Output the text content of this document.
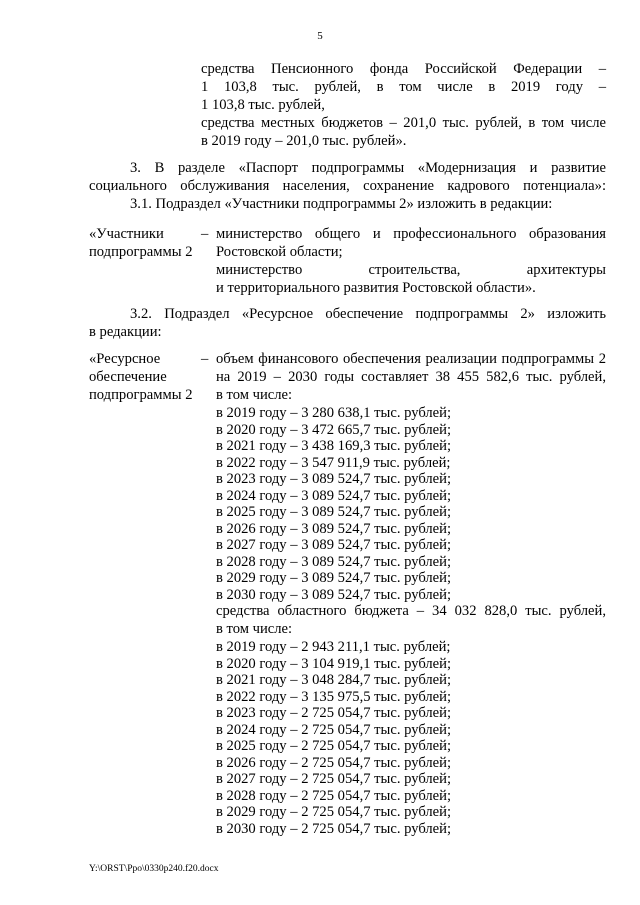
5
средства Пенсионного фонда Российской Федерации –
1 103,8 тыс. рублей, в том числе в 2019 году –
1 103,8 тыс. рублей,
средства местных бюджетов – 201,0 тыс. рублей, в том числе
в 2019 году – 201,0 тыс. рублей».
3. В разделе «Паспорт подпрограммы «Модернизация и развитие
социального обслуживания населения, сохранение кадрового потенциала»:
3.1. Подраздел «Участники подпрограммы 2» изложить в редакции:
«Участники
подпрограммы 2
– министерство общего и профессионального образования
Ростовской области;
министерство строительства, архитектуры
и территориального развития Ростовской области».
3.2. Подраздел «Ресурсное обеспечение подпрограммы 2» изложить
в редакции:
«Ресурсное
обеспечение
подпрограммы 2
– объем финансового обеспечения реализации подпрограммы 2
на 2019 – 2030 годы составляет 38 455 582,6 тыс. рублей,
в том числе:
в 2019 году – 3 280 638,1 тыс. рублей;
в 2020 году – 3 472 665,7 тыс. рублей;
в 2021 году – 3 438 169,3 тыс. рублей;
в 2022 году – 3 547 911,9 тыс. рублей;
в 2023 году – 3 089 524,7 тыс. рублей;
в 2024 году – 3 089 524,7 тыс. рублей;
в 2025 году – 3 089 524,7 тыс. рублей;
в 2026 году – 3 089 524,7 тыс. рублей;
в 2027 году – 3 089 524,7 тыс. рублей;
в 2028 году – 3 089 524,7 тыс. рублей;
в 2029 году – 3 089 524,7 тыс. рублей;
в 2030 году – 3 089 524,7 тыс. рублей;
средства областного бюджета – 34 032 828,0 тыс. рублей,
в том числе:
в 2019 году – 2 943 211,1 тыс. рублей;
в 2020 году – 3 104 919,1 тыс. рублей;
в 2021 году – 3 048 284,7 тыс. рублей;
в 2022 году – 3 135 975,5 тыс. рублей;
в 2023 году – 2 725 054,7 тыс. рублей;
в 2024 году – 2 725 054,7 тыс. рублей;
в 2025 году – 2 725 054,7 тыс. рублей;
в 2026 году – 2 725 054,7 тыс. рублей;
в 2027 году – 2 725 054,7 тыс. рублей;
в 2028 году – 2 725 054,7 тыс. рублей;
в 2029 году – 2 725 054,7 тыс. рублей;
в 2030 году – 2 725 054,7 тыс. рублей;
Y:\ORST\Ppo\0330p240.f20.docx
